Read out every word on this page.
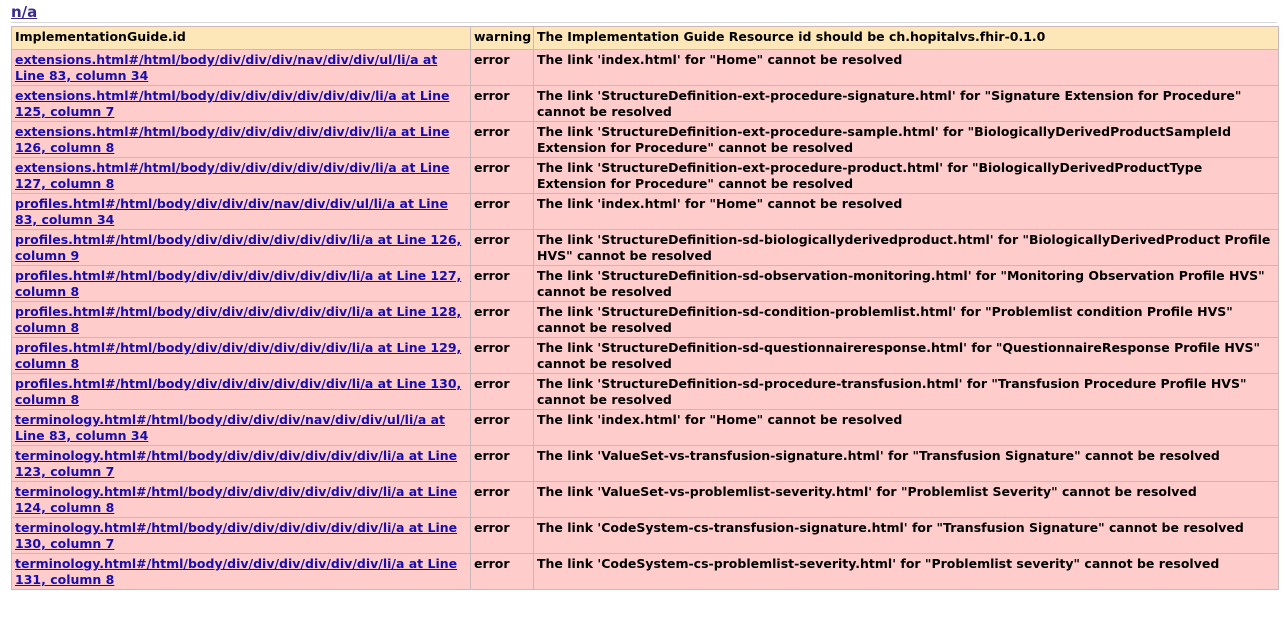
n/a
ImplementationGuide.id	warning	The Implementation Guide Resource id should be ch.hopitalvs.fhir-0.1.0
extensions.html#/html/body/div/div/div/nav/div/div/ul/li/a at Line 83, column 34	error	The link 'index.html' for "Home" cannot be resolved
extensions.html#/html/body/div/div/div/div/div/div/li/a at Line 125, column 7	error	The link 'StructureDefinition-ext-procedure-signature.html' for "Signature Extension for Procedure" cannot be resolved
extensions.html#/html/body/div/div/div/div/div/div/li/a at Line 126, column 8	error	The link 'StructureDefinition-ext-procedure-sample.html' for "BiologicallyDerivedProductSampleId Extension for Procedure" cannot be resolved
extensions.html#/html/body/div/div/div/div/div/div/li/a at Line 127, column 8	error	The link 'StructureDefinition-ext-procedure-product.html' for "BiologicallyDerivedProductType Extension for Procedure" cannot be resolved
profiles.html#/html/body/div/div/div/nav/div/div/ul/li/a at Line 83, column 34	error	The link 'index.html' for "Home" cannot be resolved
profiles.html#/html/body/div/div/div/div/div/div/li/a at Line 126, column 9	error	The link 'StructureDefinition-sd-biologicallyderivedproduct.html' for "BiologicallyDerivedProduct Profile HVS" cannot be resolved
profiles.html#/html/body/div/div/div/div/div/div/li/a at Line 127, column 8	error	The link 'StructureDefinition-sd-observation-monitoring.html' for "Monitoring Observation Profile HVS" cannot be resolved
profiles.html#/html/body/div/div/div/div/div/div/li/a at Line 128, column 8	error	The link 'StructureDefinition-sd-condition-problemlist.html' for "Problemlist condition Profile HVS" cannot be resolved
profiles.html#/html/body/div/div/div/div/div/div/li/a at Line 129, column 8	error	The link 'StructureDefinition-sd-questionnaireresponse.html' for "QuestionnaireResponse Profile HVS" cannot be resolved
profiles.html#/html/body/div/div/div/div/div/div/li/a at Line 130, column 8	error	The link 'StructureDefinition-sd-procedure-transfusion.html' for "Transfusion Procedure Profile HVS" cannot be resolved
terminology.html#/html/body/div/div/div/nav/div/div/ul/li/a at Line 83, column 34	error	The link 'index.html' for "Home" cannot be resolved
terminology.html#/html/body/div/div/div/div/div/div/li/a at Line 123, column 7	error	The link 'ValueSet-vs-transfusion-signature.html' for "Transfusion Signature" cannot be resolved
terminology.html#/html/body/div/div/div/div/div/div/li/a at Line 124, column 8	error	The link 'ValueSet-vs-problemlist-severity.html' for "Problemlist Severity" cannot be resolved
terminology.html#/html/body/div/div/div/div/div/div/li/a at Line 130, column 7	error	The link 'CodeSystem-cs-transfusion-signature.html' for "Transfusion Signature" cannot be resolved
terminology.html#/html/body/div/div/div/div/div/div/li/a at Line 131, column 8	error	The link 'CodeSystem-cs-problemlist-severity.html' for "Problemlist severity" cannot be resolved
